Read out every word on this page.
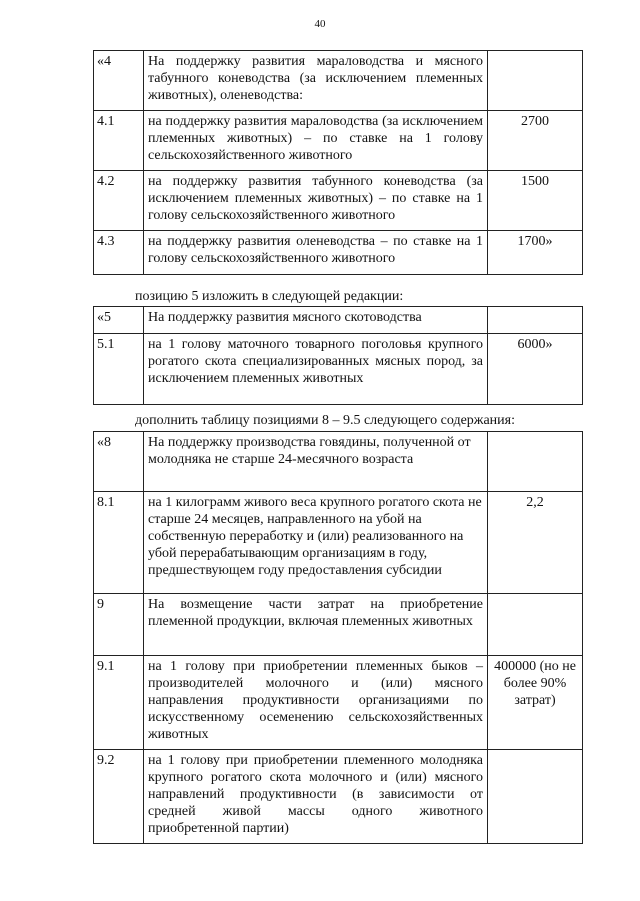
40
«4	На поддержку развития мараловодства и мясного табунного коневодства (за исключением племенных животных), оленеводства:	
4.1	на поддержку развития мараловодства (за исключением племенных животных) – по ставке на 1 голову сельскохозяйственного животного	2700
4.2	на поддержку развития табунного коневодства (за исключением племенных животных) – по ставке на 1 голову сельскохозяйственного животного	1500
4.3	на поддержку развития оленеводства – по ставке на 1 голову сельскохозяйственного животного	1700»
позицию 5 изложить в следующей редакции:
«5	На поддержку развития мясного скотоводства	
5.1	на 1 голову маточного товарного поголовья крупного рогатого скота специализированных мясных пород, за исключением племенных животных	6000»
дополнить таблицу позициями 8 – 9.5 следующего содержания:
«8	На поддержку производства говядины, полученной от молодняка не старше 24-месячного возраста	
8.1	на 1 килограмм живого веса крупного рогатого скота не старше 24 месяцев, направленного на убой на собственную переработку и (или) реализованного на убой перерабатывающим организациям в году, предшествующем году предоставления субсидии	2,2
9	На возмещение части затрат на приобретение племенной продукции, включая племенных животных	
9.1	на 1 голову при приобретении племенных быков –производителей молочного и (или) мясного направления продуктивности организациями по искусственному осеменению сельскохозяйственных животных	400000 (но не более 90% затрат)
9.2	на 1 голову при приобретении племенного молодняка крупного рогатого скота молочного и (или) мясного направлений продуктивности (в зависимости от средней живой массы одного животного приобретенной партии)	
